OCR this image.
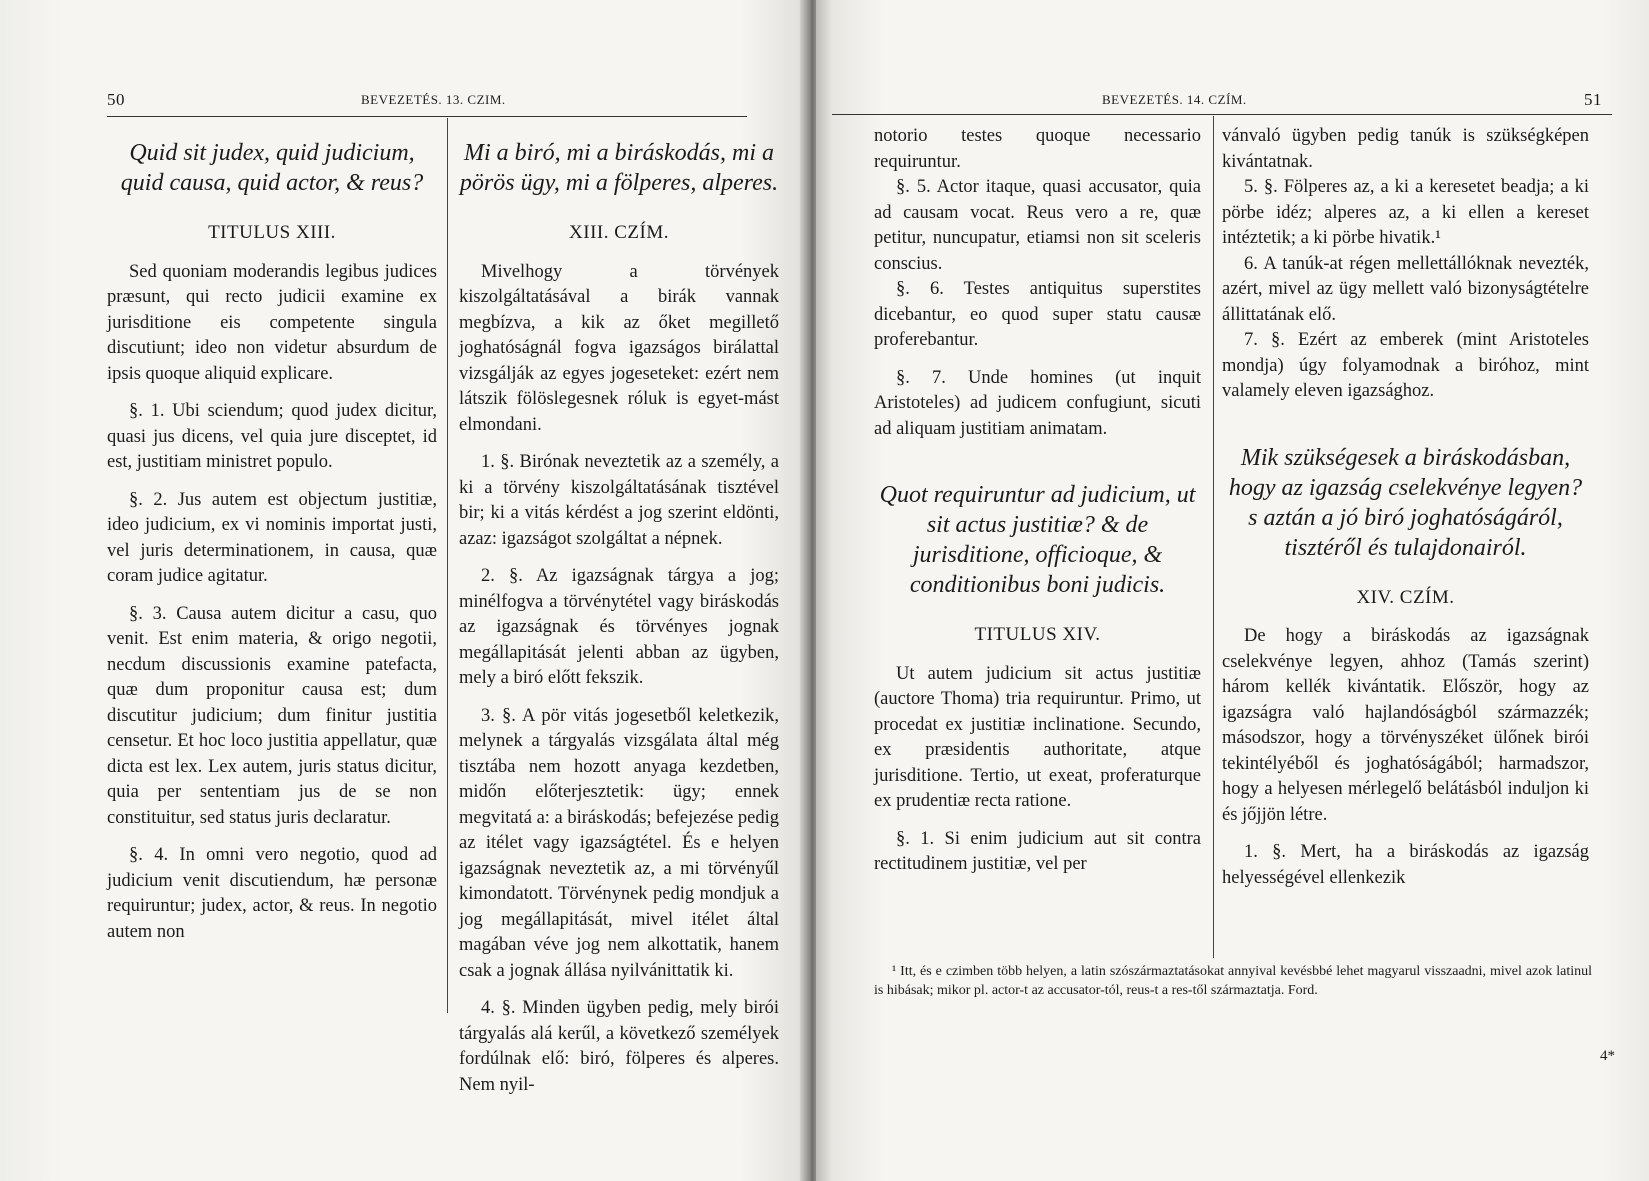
50	BEVEZETÉS. 13. CZIM.
Quid sit judex, quid judicium, quid causa, quid actor, & reus?
TITULUS XIII.

Sed quoniam moderandis legibus judices præsunt, qui recto judicii examine ex jurisditione eis competente singula discutiunt; ideo non videtur absurdum de ipsis quoque aliquid explicare.

§. 1. Ubi sciendum; quod judex dicitur, quasi jus dicens, vel quia jure disceptet, id est, justitiam ministret populo.

§. 2. Jus autem est objectum justitiæ, ideo judicium, ex vi nominis importat justi, vel juris determinationem, in causa, quæ coram judice agitatur.

§. 3. Causa autem dicitur a casu, quo venit. Est enim materia, & origo negotii, necdum discussionis examine patefacta, quæ dum proponitur causa est; dum discutitur judicium; dum finitur justitia censetur. Et hoc loco justitia appellatur, quæ dicta est lex. Lex autem, juris status dicitur, quia per sententiam jus de se non constituitur, sed status juris declaratur.

§. 4. In omni vero negotio, quod ad judicium venit discutiendum, hæ personæ requiruntur; judex, actor, & reus. In negotio autem non

Mi a biró, mi a biráskodás, mi a pörös ügy, mi a fölperes, alperes.
XIII. CZÍM.

Mivelhogy a törvények kiszolgáltatásával a birák vannak megbízva, a kik az őket megillető joghatóságnál fogva igazságos birálattal vizsgálják az egyes jogeseteket: ezért nem látszik fölöslegesnek róluk is egyet-mást elmondani.

1. §. Birónak neveztetik az a személy, a ki a törvény kiszolgáltatásának tisztével bir; ki a vitás kérdést a jog szerint eldönti, azaz: igazságot szolgáltat a népnek.

2. §. Az igazságnak tárgya a jog; minélfogva a törvénytétel vagy biráskodás az igazságnak és törvényes jognak megállapitását jelenti abban az ügyben, mely a biró előtt fekszik.

3. §. A pör vitás jogesetből keletkezik, melynek a tárgyalás vizsgálata által még tisztába nem hozott anyaga kezdetben, midőn előterjesztetik: ügy; ennek megvitatá a: a biráskodás; befejezése pedig az itélet vagy igazságtétel. És e helyen igazságnak neveztetik az, a mi törvényűl kimondatott. Törvénynek pedig mondjuk a jog megállapitását, mivel itélet által magában véve jog nem alkottatik, hanem csak a jognak állása nyilvánittatik ki.

4. §. Minden ügyben pedig, mely birói tárgyalás alá kerűl, a következő személyek fordúlnak elő: biró, fölperes és alperes. Nem nyil-

BEVEZETÉS. 14. CZÍM.	51

notorio testes quoque necessario requiruntur.

§. 5. Actor itaque, quasi accusator, quia ad causam vocat. Reus vero a re, quæ petitur, nuncupatur, etiamsi non sit sceleris conscius.

§. 6. Testes antiquitus superstites dicebantur, eo quod super statu causæ proferebantur.

§. 7. Unde homines (ut inquit Aristoteles) ad judicem confugiunt, sicuti ad aliquam justitiam animatam.

Quot requiruntur ad judicium, ut sit actus justitiæ? & de jurisditione, officioque, & conditionibus boni judicis.
TITULUS XIV.

Ut autem judicium sit actus justitiæ (auctore Thoma) tria requiruntur. Primo, ut procedat ex justitiæ inclinatione. Secundo, ex præsidentis authoritate, atque jurisditione. Tertio, ut exeat, proferaturque ex prudentiæ recta ratione.

§. 1. Si enim judicium aut sit contra rectitudinem justitiæ, vel per

vánvaló ügyben pedig tanúk is szükségképen kivántatnak.

5. §. Fölperes az, a ki a keresetet beadja; a ki pörbe idéz; alperes az, a ki ellen a kereset intéztetik; a ki pörbe hivatik.¹

6. A tanúk-at régen mellettállóknak nevezték, azért, mivel az ügy mellett való bizonyságtételre állittatának elő.

7. §. Ezért az emberek (mint Aristoteles mondja) úgy folyamodnak a biróhoz, mint valamely eleven igazsághoz.

Mik szükségesek a biráskodásban, hogy az igazság cselekvénye legyen? s aztán a jó biró joghatóságáról, tisztéről és tulajdonairól.
XIV. CZÍM.

De hogy a biráskodás az igazságnak cselekvénye legyen, ahhoz (Tamás szerint) három kellék kivántatik. Először, hogy az igazságra való hajlandóságból származzék; másodszor, hogy a törvényszéket ülőnek birói tekintélyéből és joghatóságából; harmadszor, hogy a helyesen mérlegelő belátásból induljon ki és jőjjön létre.

1. §. Mert, ha a biráskodás az igazság helyességével ellenkezik

¹ Itt, és e czimben több helyen, a latin szószármaztatásokat annyival kevésbbé lehet magyarul visszaadni, mivel azok latinul is hibásak; mikor pl. actor-t az accusator-tól, reus-t a res-től származtatja. Ford.
4*
